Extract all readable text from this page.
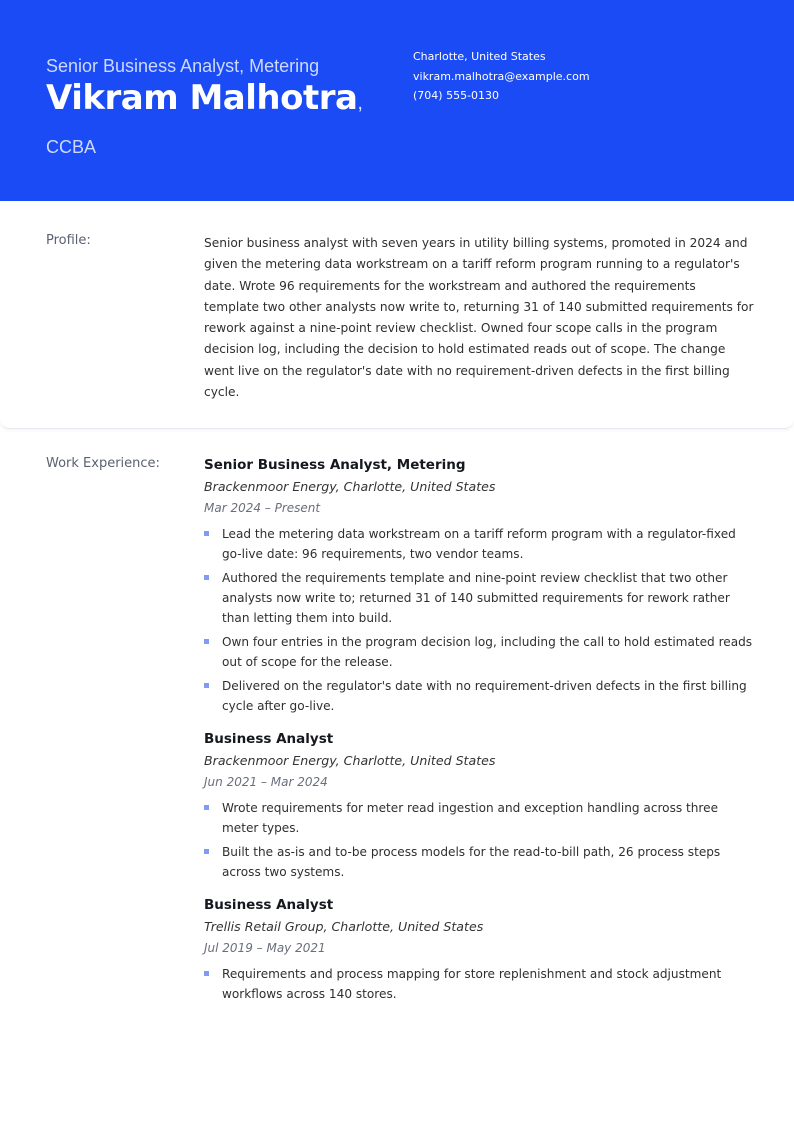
Senior Business Analyst, Metering
Vikram Malhotra,
CCBA
Charlotte, United States
vikram.malhotra@example.com
(704) 555-0130
Profile:	Senior business analyst with seven years in utility billing systems, promoted in 2024 and given the metering data workstream on a tariff reform program running to a regulator's date. Wrote 96 requirements for the workstream and authored the requirements template two other analysts now write to, returning 31 of 140 submitted requirements for rework against a nine-point review checklist. Owned four scope calls in the program decision log, including the decision to hold estimated reads out of scope. The change went live on the regulator's date with no requirement-driven defects in the first billing cycle.
Work Experience:	Senior Business Analyst, Metering
Brackenmoor Energy, Charlotte, United States
Mar 2024 – Present
Lead the metering data workstream on a tariff reform program with a regulator-fixed go-live date: 96 requirements, two vendor teams.
Authored the requirements template and nine-point review checklist that two other analysts now write to; returned 31 of 140 submitted requirements for rework rather than letting them into build.
Own four entries in the program decision log, including the call to hold estimated reads out of scope for the release.
Delivered on the regulator's date with no requirement-driven defects in the first billing cycle after go-live.
Business Analyst
Brackenmoor Energy, Charlotte, United States
Jun 2021 – Mar 2024
Wrote requirements for meter read ingestion and exception handling across three meter types.
Built the as-is and to-be process models for the read-to-bill path, 26 process steps across two systems.
Business Analyst
Trellis Retail Group, Charlotte, United States
Jul 2019 – May 2021
Requirements and process mapping for store replenishment and stock adjustment workflows across 140 stores.
